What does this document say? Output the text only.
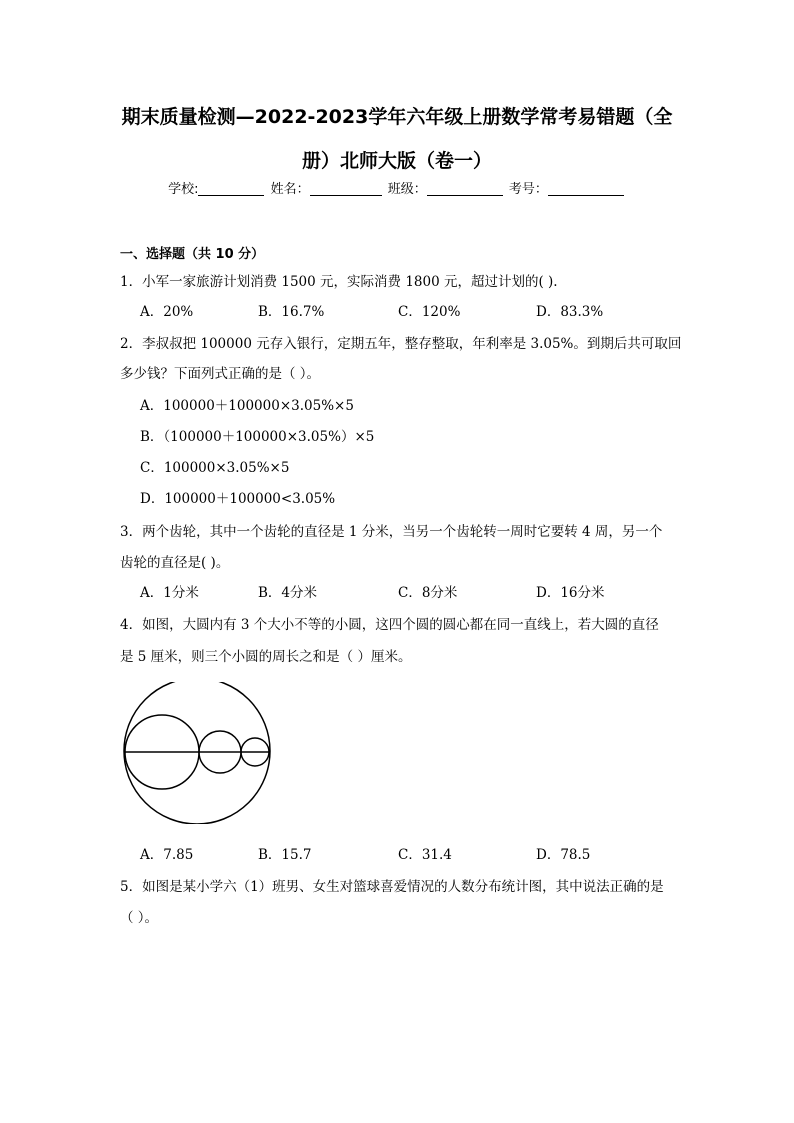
期末质量检测—2022-2023学年六年级上册数学常考易错题（全
册）北师大版（卷一）
学校:	姓名：	班级：	考号：
一、选择题（共 10 分）
1．小军一家旅游计划消费 1500 元，实际消费 1800 元，超过计划的( ).
A．20%	B．16.7%	C．120%	D．83.3%
2．李叔叔把 100000 元存入银行，定期五年，整存整取，年利率是 3.05%。到期后共可取回
多少钱？下面列式正确的是（ ）。
A．100000＋100000×3.05%×5
B．（100000＋100000×3.05%）×5
C．100000×3.05%×5
D．100000＋100000<3.05%
3．两个齿轮，其中一个齿轮的直径是 1 分米，当另一个齿轮转一周时它要转 4 周，另一个
齿轮的直径是( )。
A．1分米	B．4分米	C．8分米	D．16分米
4．如图，大圆内有 3 个大小不等的小圆，这四个圆的圆心都在同一直线上，若大圆的直径
是 5 厘米，则三个小圆的周长之和是（ ）厘米。
A．7.85	B．15.7	C．31.4	D．78.5
5．如图是某小学六（1）班男、女生对篮球喜爱情况的人数分布统计图，其中说法正确的是
（ ）。
